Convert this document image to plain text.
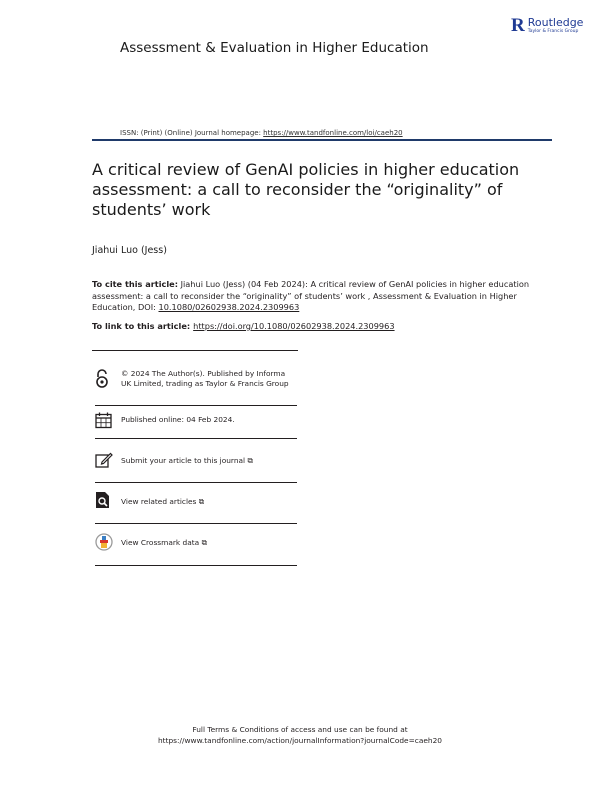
R Routledge
Taylor & Francis Group
Assessment & Evaluation in Higher Education
ISSN: (Print) (Online) Journal homepage: https://www.tandfonline.com/loi/caeh20
A critical review of GenAI policies in higher education assessment: a call to reconsider the “originality” of students’ work
Jiahui Luo (Jess)
To cite this article: Jiahui Luo (Jess) (04 Feb 2024): A critical review of GenAI policies in higher education assessment: a call to reconsider the “originality” of students’ work , Assessment & Evaluation in Higher Education, DOI: 10.1080/02602938.2024.2309963
To link to this article: https://doi.org/10.1080/02602938.2024.2309963
© 2024 The Author(s). Published by Informa UK Limited, trading as Taylor & Francis Group
Published online: 04 Feb 2024.
Submit your article to this journal ⧉
View related articles ⧉
View Crossmark data ⧉
Full Terms & Conditions of access and use can be found at
https://www.tandfonline.com/action/journalInformation?journalCode=caeh20
